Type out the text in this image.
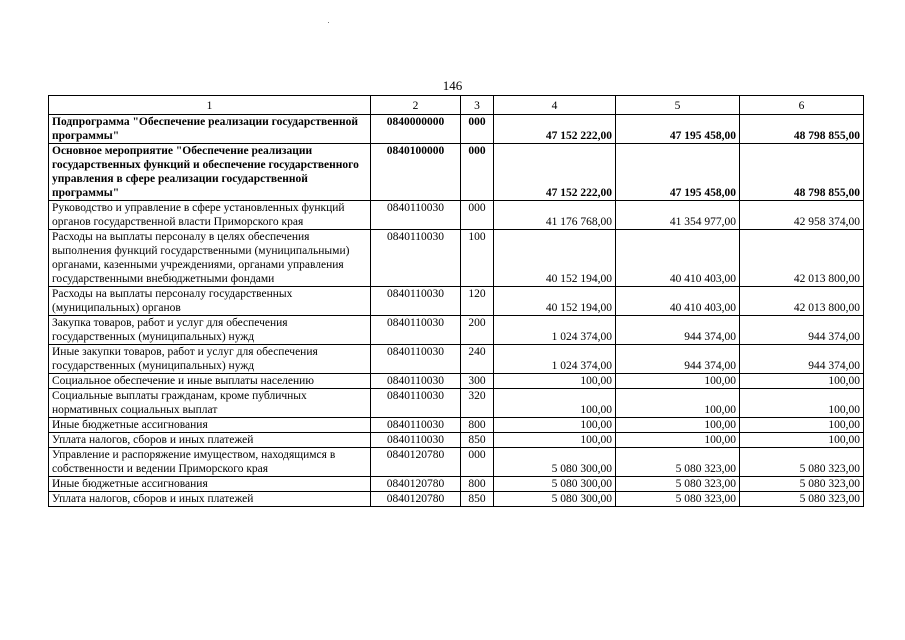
146
1	2	3	4	5	6
Подпрограмма "Обеспечение реализации государственной программы"	0840000000	000	47 152 222,00	47 195 458,00	48 798 855,00
Основное мероприятие "Обеспечение реализации государственных функций и обеспечение государственного управления в сфере реализации государственной программы"	0840100000	000	47 152 222,00	47 195 458,00	48 798 855,00
Руководство и управление в сфере установленных функций органов государственной власти Приморского края	0840110030	000	41 176 768,00	41 354 977,00	42 958 374,00
Расходы на выплаты персоналу в целях обеспечения выполнения функций государственными (муниципальными) органами, казенными учреждениями, органами управления государственными внебюджетными фондами	0840110030	100	40 152 194,00	40 410 403,00	42 013 800,00
Расходы на выплаты персоналу государственных (муниципальных) органов	0840110030	120	40 152 194,00	40 410 403,00	42 013 800,00
Закупка товаров, работ и услуг для обеспечения государственных (муниципальных) нужд	0840110030	200	1 024 374,00	944 374,00	944 374,00
Иные закупки товаров, работ и услуг для обеспечения государственных (муниципальных) нужд	0840110030	240	1 024 374,00	944 374,00	944 374,00
Социальное обеспечение и иные выплаты населению	0840110030	300	100,00	100,00	100,00
Социальные выплаты гражданам, кроме публичных нормативных социальных выплат	0840110030	320	100,00	100,00	100,00
Иные бюджетные ассигнования	0840110030	800	100,00	100,00	100,00
Уплата налогов, сборов и иных платежей	0840110030	850	100,00	100,00	100,00
Управление и распоряжение имуществом, находящимся в собственности и ведении Приморского края	0840120780	000	5 080 300,00	5 080 323,00	5 080 323,00
Иные бюджетные ассигнования	0840120780	800	5 080 300,00	5 080 323,00	5 080 323,00
Уплата налогов, сборов и иных платежей	0840120780	850	5 080 300,00	5 080 323,00	5 080 323,00
